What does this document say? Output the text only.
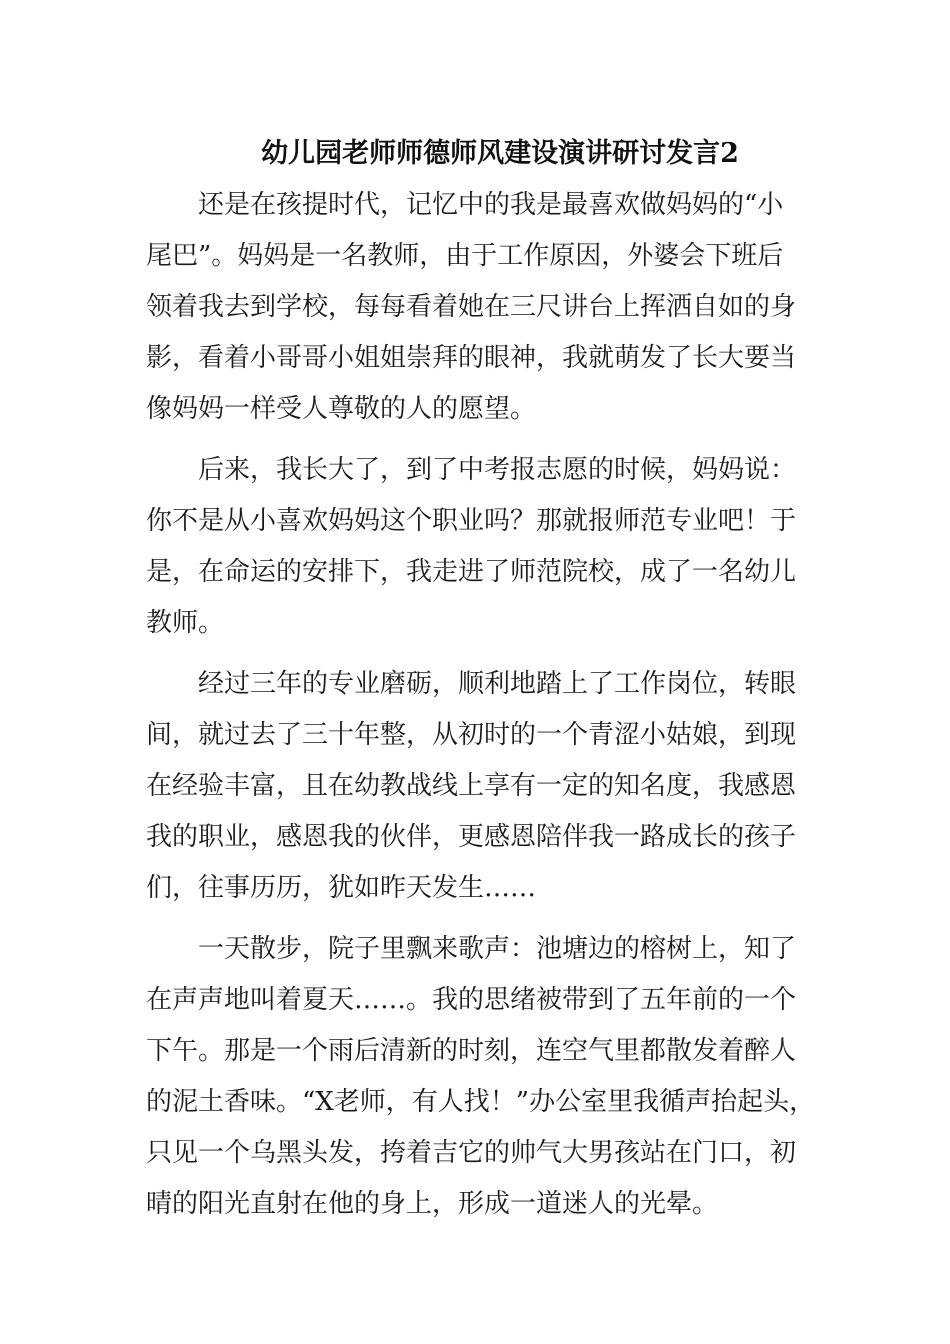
幼儿园老师师德师风建设演讲研讨发言2
还是在孩提时代，记忆中的我是最喜欢做妈妈的“小
尾巴”。妈妈是一名教师，由于工作原因，外婆会下班后
领着我去到学校，每每看着她在三尺讲台上挥洒自如的身
影，看着小哥哥小姐姐崇拜的眼神，我就萌发了长大要当
像妈妈一样受人尊敬的人的愿望。
后来，我长大了，到了中考报志愿的时候，妈妈说：
你不是从小喜欢妈妈这个职业吗？那就报师范专业吧！于
是，在命运的安排下，我走进了师范院校，成了一名幼儿
教师。
经过三年的专业磨砺，顺利地踏上了工作岗位，转眼
间，就过去了三十年整，从初时的一个青涩小姑娘，到现
在经验丰富，且在幼教战线上享有一定的知名度，我感恩
我的职业，感恩我的伙伴，更感恩陪伴我一路成长的孩子
们，往事历历，犹如昨天发生……
一天散步，院子里飘来歌声：池塘边的榕树上，知了
在声声地叫着夏天……。我的思绪被带到了五年前的一个
下午。那是一个雨后清新的时刻，连空气里都散发着醉人
的泥土香味。“X老师，有人找！”办公室里我循声抬起头，
只见一个乌黑头发，挎着吉它的帅气大男孩站在门口，初
晴的阳光直射在他的身上，形成一道迷人的光晕。
